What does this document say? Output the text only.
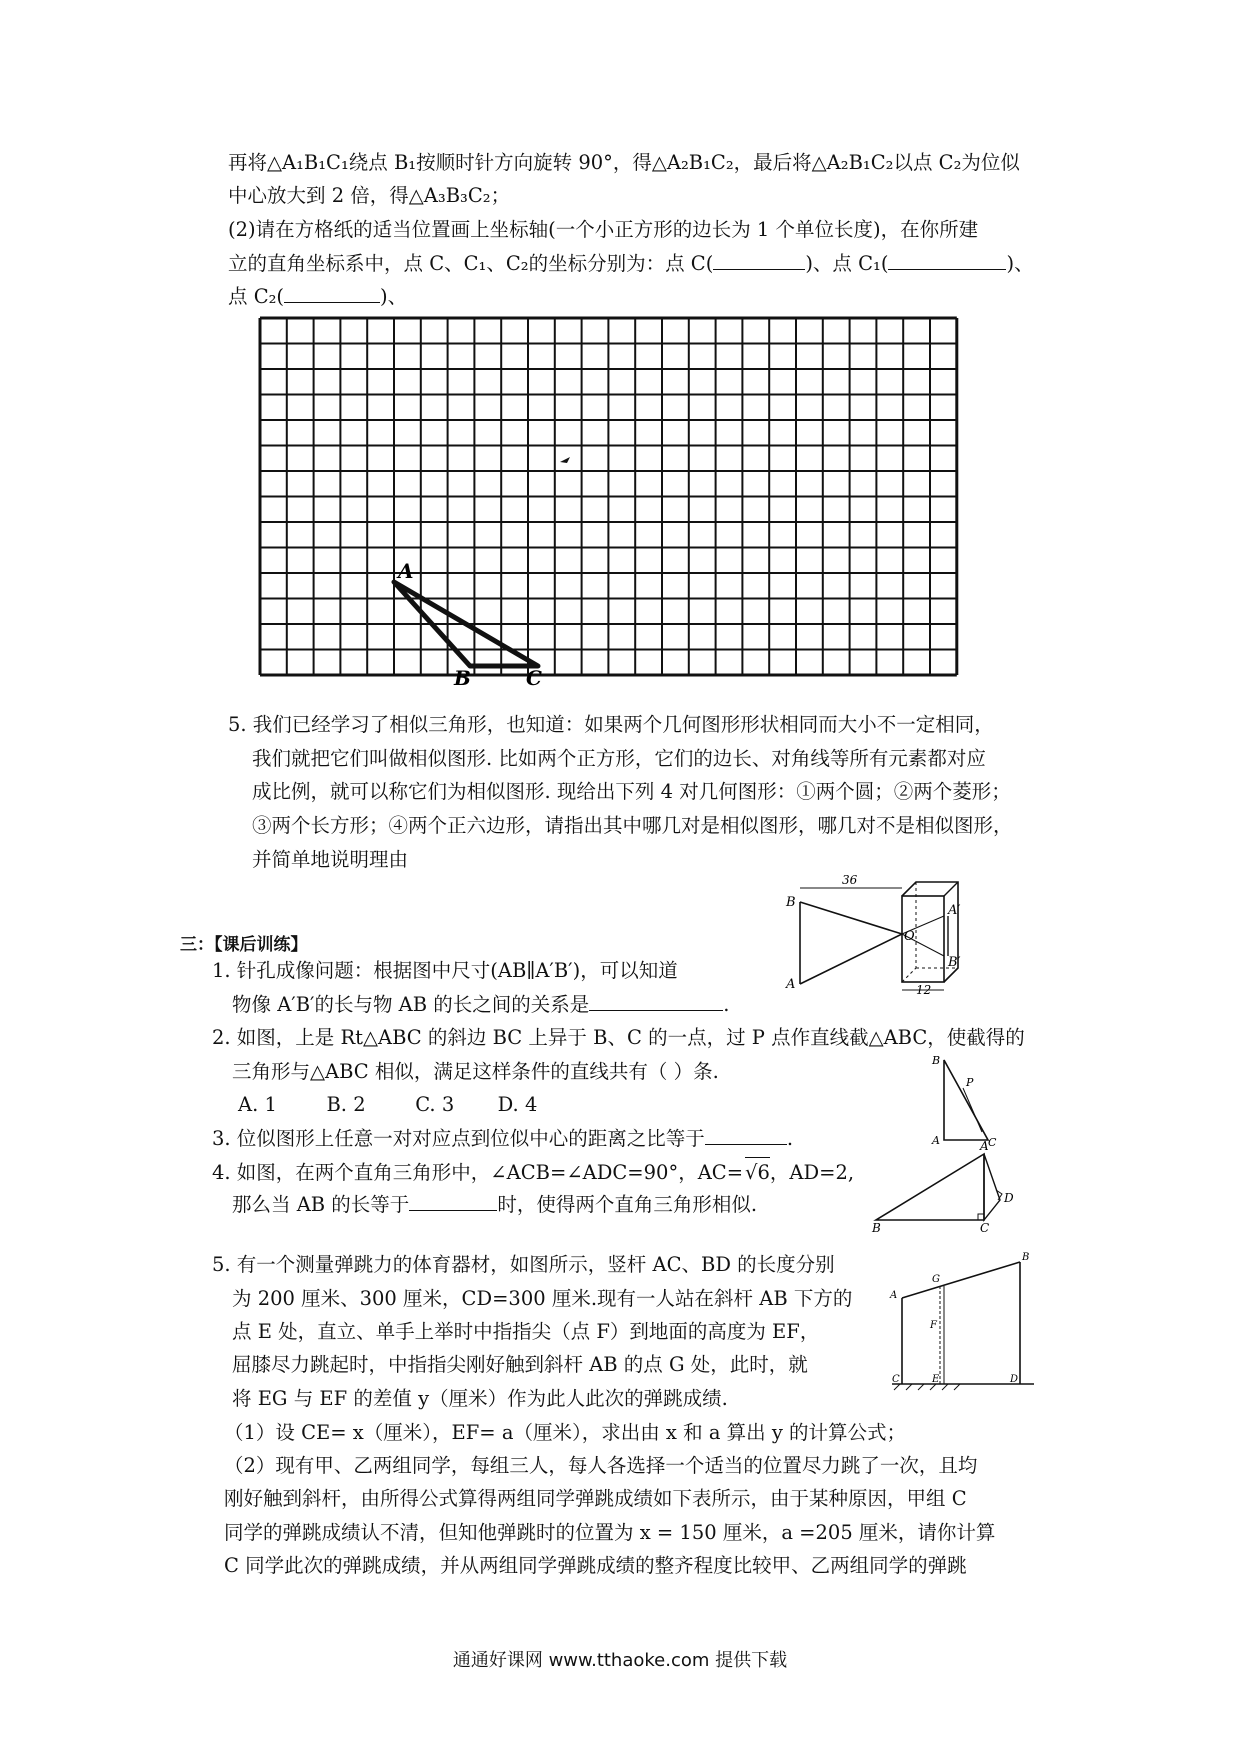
再将△A₁B₁C₁绕点 B₁按顺时针方向旋转 90°，得△A₂B₁C₂，最后将△A₂B₁C₂以点 C₂为位似
中心放大到 2 倍，得△A₃B₃C₂；
(2)请在方格纸的适当位置画上坐标轴(一个小正方形的边长为 1 个单位长度)，在你所建
立的直角坐标系中，点 C、C₁、C₂的坐标分别为：点 C(	)、点 C₁(	)、
点 C₂(	)、
A
B	C
5. 我们已经学习了相似三角形，也知道：如果两个几何图形形状相同而大小不一定相同，
我们就把它们叫做相似图形. 比如两个正方形，它们的边长、对角线等所有元素都对应
成比例，就可以称它们为相似图形. 现给出下列 4 对几何图形：①两个圆；②两个菱形；
③两个长方形；④两个正六边形，请指出其中哪几对是相似图形，哪几对不是相似图形，
并简单地说明理由
B
A
O
A′
B′
36
12
三：【课后训练】
1. 针孔成像问题：根据图中尺寸(AB∥A′B′)，可以知道
物像 A′B′的长与物 AB 的长之间的关系是	.
2. 如图，上是 Rt△ABC 的斜边 BC 上异于 B、C 的一点，过 P 点作直线截△ABC，使截得的
三角形与△ABC 相似，满足这样条件的直线共有（ ）条.
A. 1        B. 2        C. 3       D. 4
B
P
A	C
3. 位似图形上任意一对对应点到位似中心的距离之比等于	.
4. 如图，在两个直角三角形中，∠ACB=∠ADC=90°，AC= √6，AD=2,
那么当 AB 的长等于	时，使得两个直角三角形相似.
A
B	C
D
5. 有一个测量弹跳力的体育器材，如图所示，竖杆 AC、BD 的长度分别
为 200 厘米、300 厘米，CD=300 厘米.现有一人站在斜杆 AB 下方的
点 E 处，直立、单手上举时中指指尖（点 F）到地面的高度为 EF，
屈膝尽力跳起时，中指指尖刚好触到斜杆 AB 的点 G 处，此时，就
将 EG 与 EF 的差值 y（厘米）作为此人此次的弹跳成绩.
（1）设 CE= x（厘米），EF= a（厘米），求出由 x 和 a 算出 y 的计算公式；
（2）现有甲、乙两组同学，每组三人，每人各选择一个适当的位置尽力跳了一次，且均
刚好触到斜杆，由所得公式算得两组同学弹跳成绩如下表所示，由于某种原因，甲组 C
同学的弹跳成绩认不清，但知他弹跳时的位置为 x = 150 厘米，a =205 厘米，请你计算
C 同学此次的弹跳成绩，并从两组同学弹跳成绩的整齐程度比较甲、乙两组同学的弹跳
A
B
G
F
C	E	D
通通好课网 www.tthaoke.com 提供下载
